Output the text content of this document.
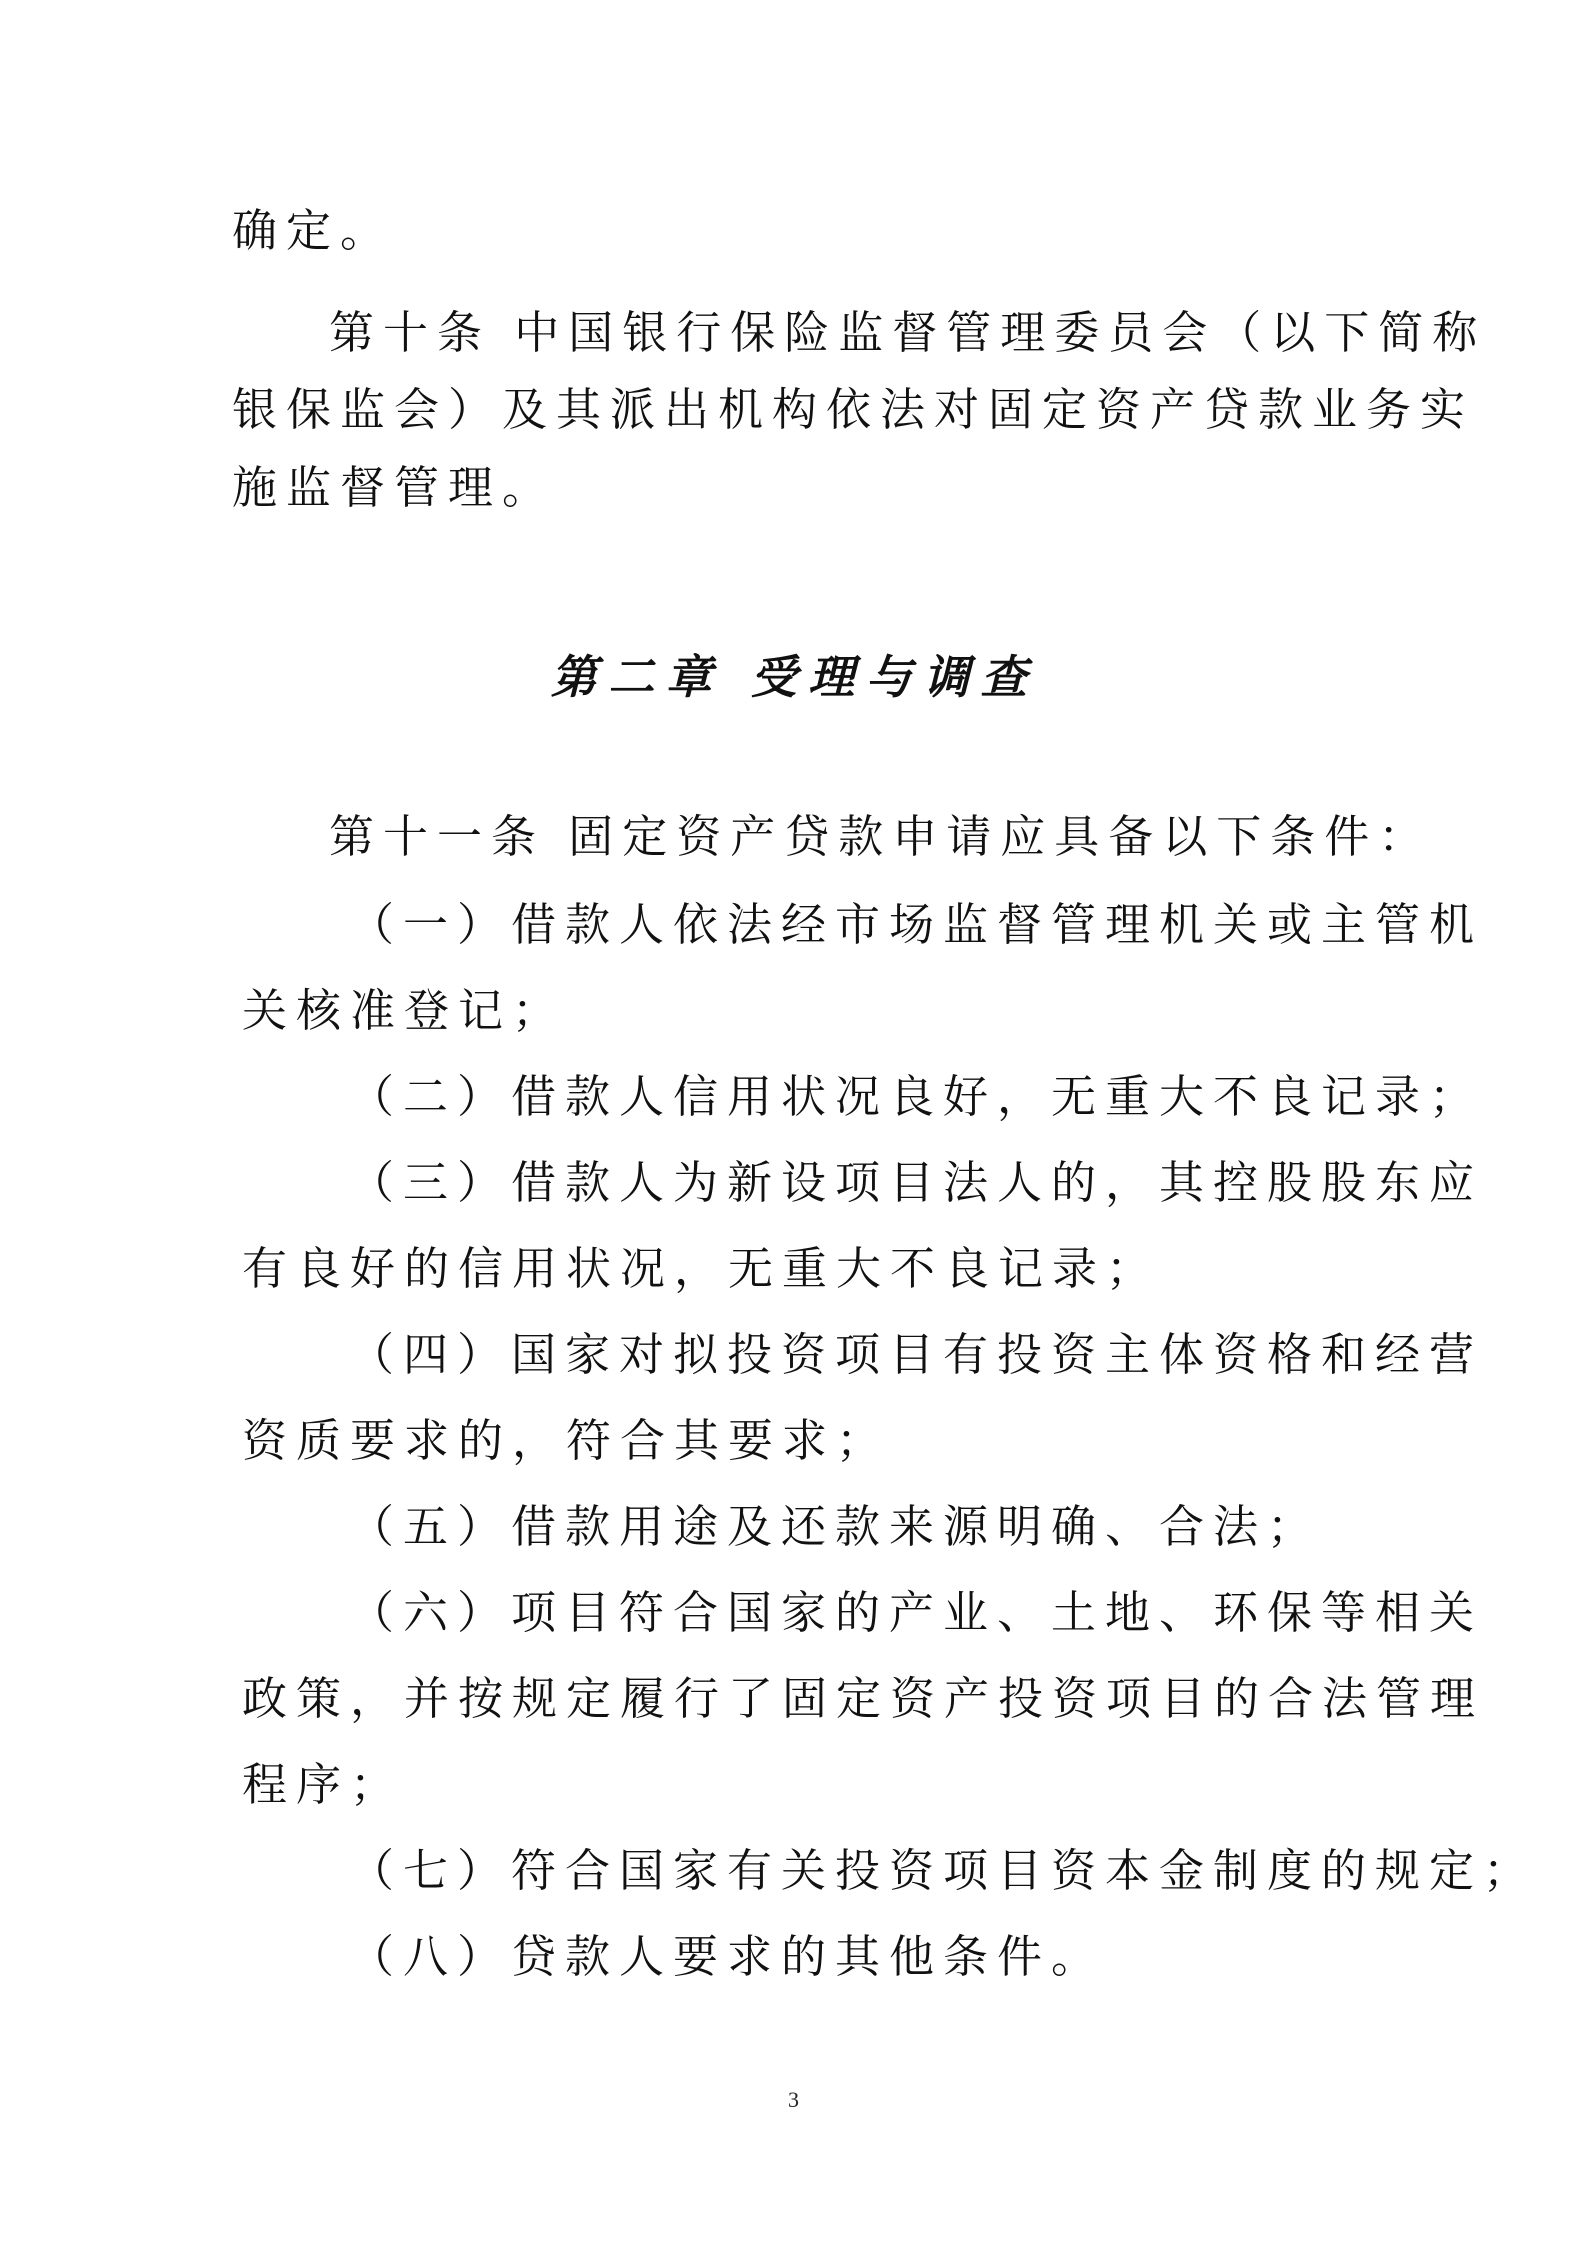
确定。
第十条 中国银行保险监督管理委员会（以下简称
银保监会）及其派出机构依法对固定资产贷款业务实
施监督管理。
第二章 受理与调查
第十一条 固定资产贷款申请应具备以下条件：
（一）借款人依法经市场监督管理机关或主管机
关核准登记；
（二）借款人信用状况良好，无重大不良记录；
（三）借款人为新设项目法人的，其控股股东应
有良好的信用状况，无重大不良记录；
（四）国家对拟投资项目有投资主体资格和经营
资质要求的，符合其要求；
（五）借款用途及还款来源明确、合法；
（六）项目符合国家的产业、土地、环保等相关
政策，并按规定履行了固定资产投资项目的合法管理
程序；
（七）符合国家有关投资项目资本金制度的规定；
（八）贷款人要求的其他条件。
3
